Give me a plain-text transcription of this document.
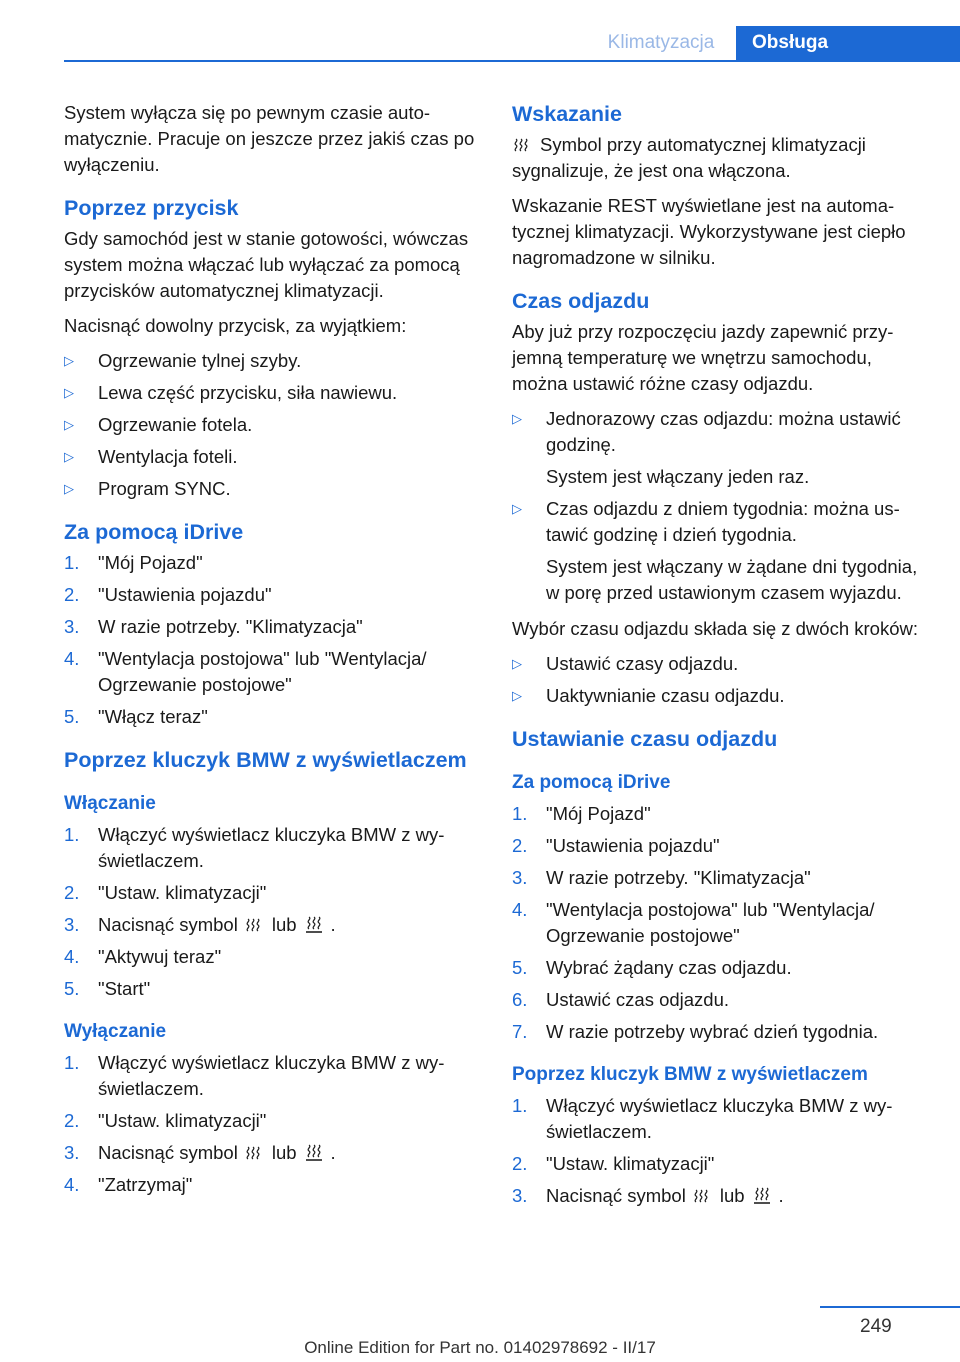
Klimatyzacja	Obsługa

System wyłącza się po pewnym czasie automatycznie. Pracuje on jeszcze przez jakiś czas po wyłączeniu.

Poprzez przycisk

Gdy samochód jest w stanie gotowości, wówczas system można włączać lub wyłączać za pomocą przycisków automatycznej klimatyzacji.

Nacisnąć dowolny przycisk, za wyjątkiem:

▷ Ogrzewanie tylnej szyby.
▷ Lewa część przycisku, siła nawiewu.
▷ Ogrzewanie fotela.
▷ Wentylacja foteli.
▷ Program SYNC.
Za pomocą iDrive
1. "Mój Pojazd"
2. "Ustawienia pojazdu"
3. W razie potrzeby. "Klimatyzacja"
4. "Wentylacja postojowa" lub "Wentylacja/ Ogrzewanie postojowe"
5. "Włącz teraz"
Poprzez kluczyk BMW z wyświetlaczem
Włączanie
1. Włączyć wyświetlacz kluczyka BMW z wyświetlaczem.
2. "Ustaw. klimatyzacji"
3. Nacisnąć symbol lub .
4. "Aktywuj teraz"
5. "Start"
Wyłączanie
1. Włączyć wyświetlacz kluczyka BMW z wyświetlaczem.
2. "Ustaw. klimatyzacji"
3. Nacisnąć symbol lub .
4. "Zatrzymaj"
Wskazanie

Symbol przy automatycznej klimatyzacji sygnalizuje, że jest ona włączona.

Wskazanie REST wyświetlane jest na automatycznej klimatyzacji. Wykorzystywane jest ciepło nagromadzone w silniku.

Czas odjazdu

Aby już przy rozpoczęciu jazdy zapewnić przyjemną temperaturę we wnętrzu samochodu, można ustawić różne czasy odjazdu.

▷ Jednorazowy czas odjazdu: można ustawić godzinę.
System jest włączany jeden raz.
▷ Czas odjazdu z dniem tygodnia: można ustawić godzinę i dzień tygodnia.
System jest włączany w żądane dni tygodnia, w porę przed ustawionym czasem wyjazdu.

Wybór czasu odjazdu składa się z dwóch kroków:

▷ Ustawić czasy odjazdu.
▷ Uaktywnianie czasu odjazdu.
Ustawianie czasu odjazdu
Za pomocą iDrive
1. "Mój Pojazd"
2. "Ustawienia pojazdu"
3. W razie potrzeby. "Klimatyzacja"
4. "Wentylacja postojowa" lub "Wentylacja/ Ogrzewanie postojowe"
5. Wybrać żądany czas odjazdu.
6. Ustawić czas odjazdu.
7. W razie potrzeby wybrać dzień tygodnia.
Poprzez kluczyk BMW z wyświetlaczem
1. Włączyć wyświetlacz kluczyka BMW z wyświetlaczem.
2. "Ustaw. klimatyzacji"
3. Nacisnąć symbol lub .
249
Online Edition for Part no. 01402978692 - II/17
